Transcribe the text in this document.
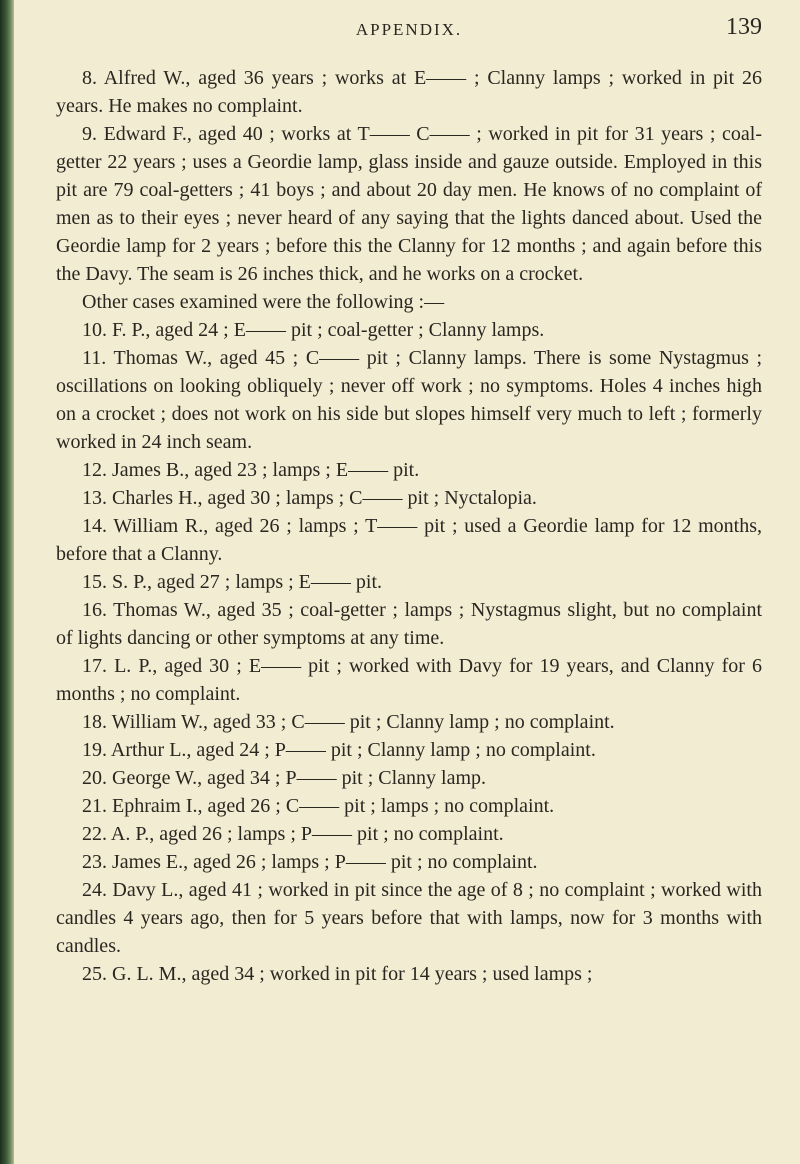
APPENDIX.	139

8. Alfred W., aged 36 years ; works at E—— ; Clanny lamps ; worked in pit 26 years. He makes no complaint.

9. Edward F., aged 40 ; works at T—— C—— ; worked in pit for 31 years ; coal-getter 22 years ; uses a Geordie lamp, glass inside and gauze outside. Employed in this pit are 79 coal-getters ; 41 boys ; and about 20 day men. He knows of no complaint of men as to their eyes ; never heard of any saying that the lights danced about. Used the Geordie lamp for 2 years ; before this the Clanny for 12 months ; and again before this the Davy. The seam is 26 inches thick, and he works on a crocket.

Other cases examined were the following :—

10. F. P., aged 24 ; E—— pit ; coal-getter ; Clanny lamps.

11. Thomas W., aged 45 ; C—— pit ; Clanny lamps. There is some Nystagmus ; oscillations on looking obliquely ; never off work ; no symptoms. Holes 4 inches high on a crocket ; does not work on his side but slopes himself very much to left ; formerly worked in 24 inch seam.

12. James B., aged 23 ; lamps ; E—— pit.

13. Charles H., aged 30 ; lamps ; C—— pit ; Nyctalopia.

14. William R., aged 26 ; lamps ; T—— pit ; used a Geordie lamp for 12 months, before that a Clanny.

15. S. P., aged 27 ; lamps ; E—— pit.

16. Thomas W., aged 35 ; coal-getter ; lamps ; Nystagmus slight, but no complaint of lights dancing or other symptoms at any time.

17. L. P., aged 30 ; E—— pit ; worked with Davy for 19 years, and Clanny for 6 months ; no complaint.

18. William W., aged 33 ; C—— pit ; Clanny lamp ; no complaint.

19. Arthur L., aged 24 ; P—— pit ; Clanny lamp ; no complaint.

20. George W., aged 34 ; P—— pit ; Clanny lamp.

21. Ephraim I., aged 26 ; C—— pit ; lamps ; no complaint.

22. A. P., aged 26 ; lamps ; P—— pit ; no complaint.

23. James E., aged 26 ; lamps ; P—— pit ; no complaint.

24. Davy L., aged 41 ; worked in pit since the age of 8 ; no complaint ; worked with candles 4 years ago, then for 5 years before that with lamps, now for 3 months with candles.

25. G. L. M., aged 34 ; worked in pit for 14 years ; used lamps ;
